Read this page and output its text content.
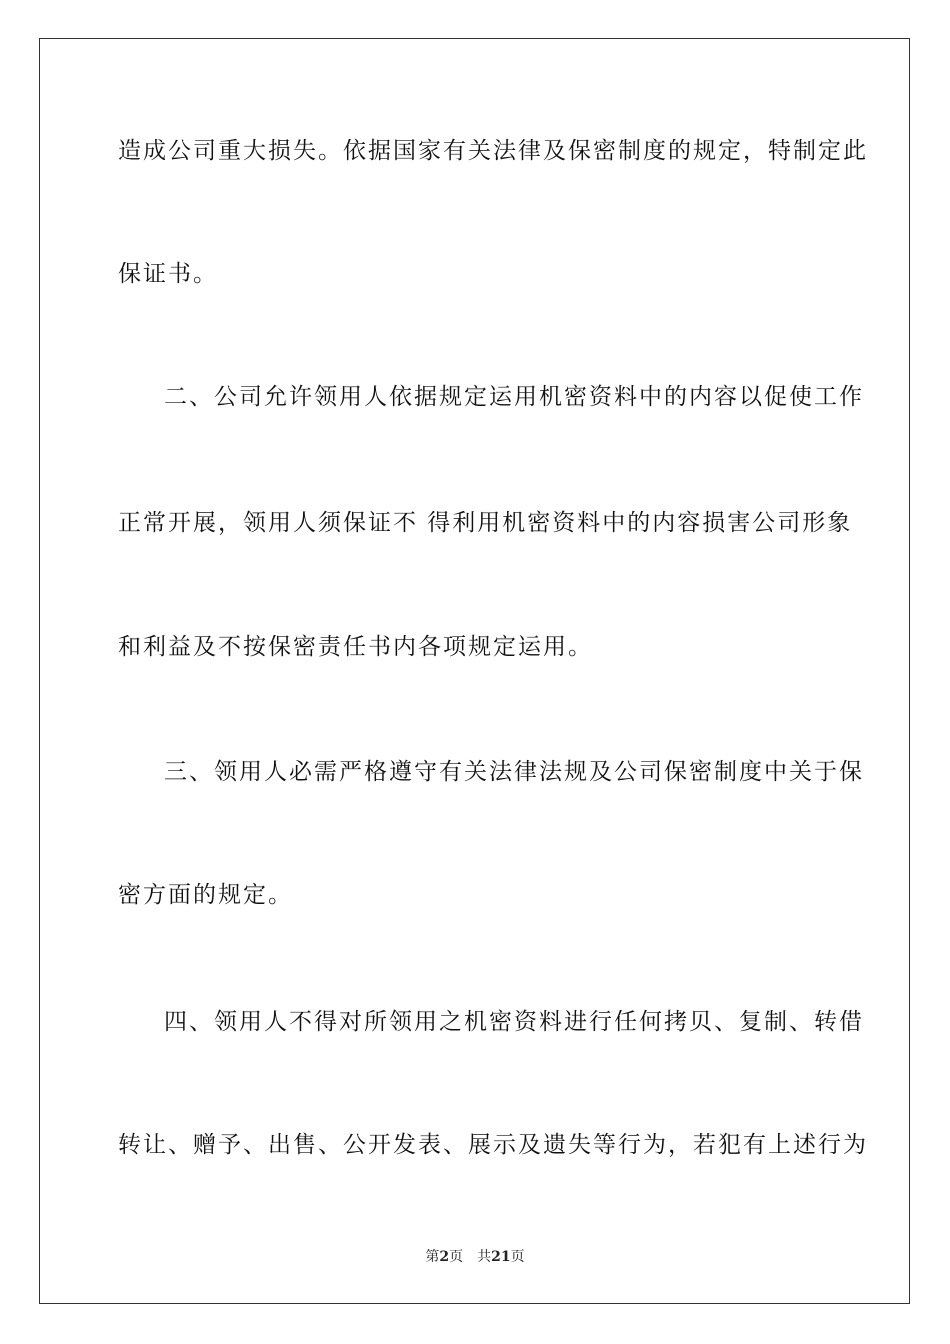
造成公司重大损失。依据国家有关法律及保密制度的规定，特制定此
保证书。
二、公司允许领用人依据规定运用机密资料中的内容以促使工作
正常开展，领用人须保证不 得利用机密资料中的内容损害公司形象
和利益及不按保密责任书内各项规定运用。
三、领用人必需严格遵守有关法律法规及公司保密制度中关于保
密方面的规定。
四、领用人不得对所领用之机密资料进行任何拷贝、复制、转借
转让、赠予、出售、公开发表、展示及遗失等行为，若犯有上述行为
第2页 共21页
